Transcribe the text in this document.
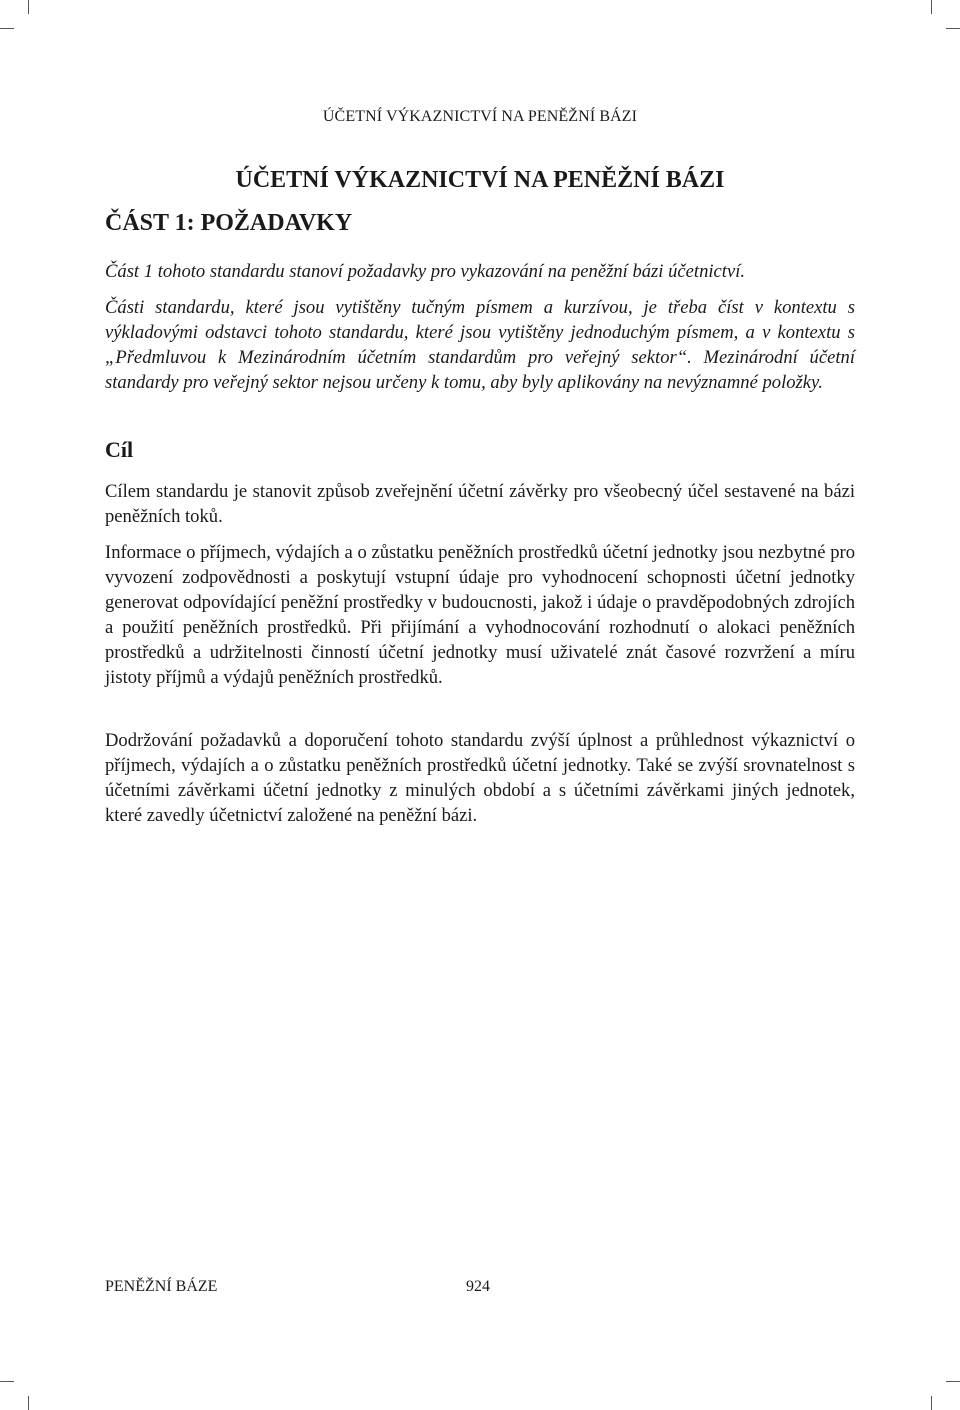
ÚČETNÍ VÝKAZNICTVÍ NA PENĚŽNÍ BÁZI
ÚČETNÍ VÝKAZNICTVÍ NA PENĚŽNÍ BÁZI
ČÁST 1: POŽADAVKY

Část 1 tohoto standardu stanoví požadavky pro vykazování na peněžní bázi účetnictví.

Části standardu, které jsou vytištěny tučným písmem a kurzívou, je třeba číst v kontextu s výkladovými odstavci tohoto standardu, které jsou vytištěny jednoduchým písmem, a v kontextu s „Předmluvou k Mezinárodním účetním standardům pro veřejný sektor“. Mezinárodní účetní standardy pro veřejný sektor nejsou určeny k tomu, aby byly aplikovány na nevýznamné položky.

Cíl

Cílem standardu je stanovit způsob zveřejnění účetní závěrky pro všeobecný účel sestavené na bázi peněžních toků.

Informace o příjmech, výdajích a o zůstatku peněžních prostředků účetní jednotky jsou nezbytné pro vyvození zodpovědnosti a poskytují vstupní údaje pro vyhodnocení schopnosti účetní jednotky generovat odpovídající peněžní prostředky v budoucnosti, jakož i údaje o pravděpodobných zdrojích a použití peněžních prostředků. Při přijímání a vyhodnocování rozhodnutí o alokaci peněžních prostředků a udržitelnosti činností účetní jednotky musí uživatelé znát časové rozvržení a míru jistoty příjmů a výdajů peněžních prostředků.

Dodržování požadavků a doporučení tohoto standardu zvýší úplnost a průhlednost výkaznictví o příjmech, výdajích a o zůstatku peněžních prostředků účetní jednotky. Také se zvýší srovnatelnost s účetními závěrkami účetní jednotky z minulých období a s účetními závěrkami jiných jednotek, které zavedly účetnictví založené na peněžní bázi.

PENĚŽNÍ BÁZE	924
